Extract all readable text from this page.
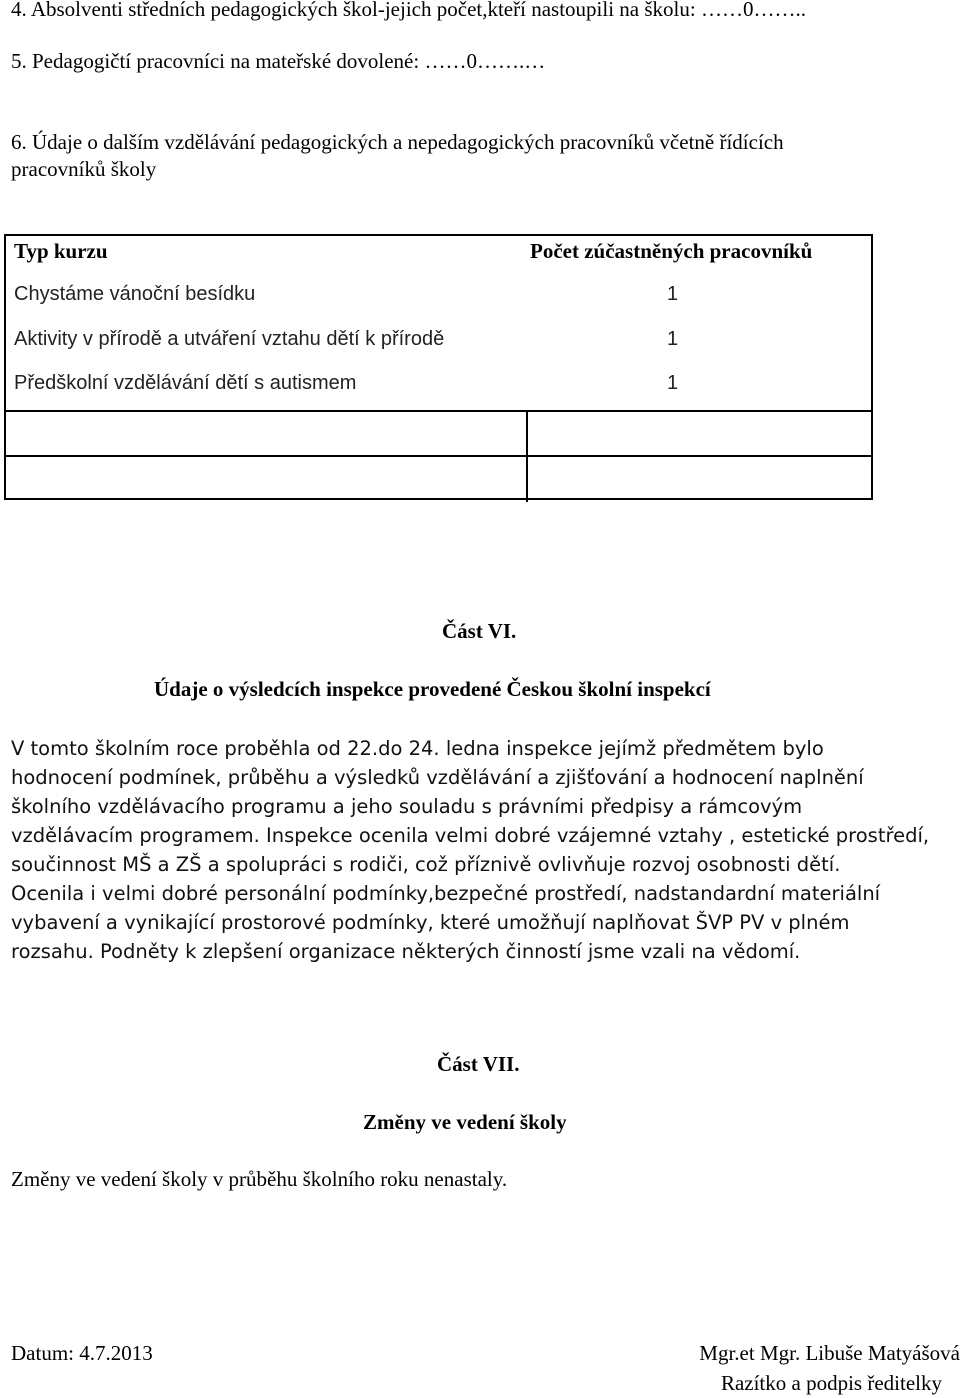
4. Absolventi středních pedagogických škol-jejich počet,kteří nastoupili na školu: ……0……..
5. Pedagogičtí pracovníci na mateřské dovolené: ……0…….…
6. Údaje o dalším vzdělávání pedagogických a nepedagogických pracovníků včetně řídících
pracovníků školy
Typ kurzu	Počet zúčastněných pracovníků
Chystáme vánoční besídku	1
Aktivity v přírodě a utváření vztahu dětí k přírodě	1
Předškolní vzdělávání dětí s autismem	1
Část VI.
Údaje o výsledcích inspekce provedené Českou školní inspekcí
V tomto školním roce proběhla od 22.do 24. ledna inspekce jejímž předmětem bylo
hodnocení podmínek, průběhu a výsledků vzdělávání a zjišťování a hodnocení naplnění
školního vzdělávacího programu a jeho souladu s právními předpisy a rámcovým
vzdělávacím programem. Inspekce ocenila velmi dobré vzájemné vztahy , estetické prostředí,
součinnost MŠ a ZŠ a spolupráci s rodiči, což příznivě ovlivňuje rozvoj osobnosti dětí.
Ocenila i velmi dobré personální podmínky,bezpečné prostředí, nadstandardní materiální
vybavení a vynikající prostorové podmínky, které umožňují naplňovat ŠVP PV v plném
rozsahu. Podněty k zlepšení organizace některých činností jsme vzali na vědomí.
Část VII.
Změny ve vedení školy
Změny ve vedení školy v průběhu školního roku nenastaly.
Datum: 4.7.2013	Mgr.et Mgr. Libuše Matyášová
Razítko a podpis ředitelky
